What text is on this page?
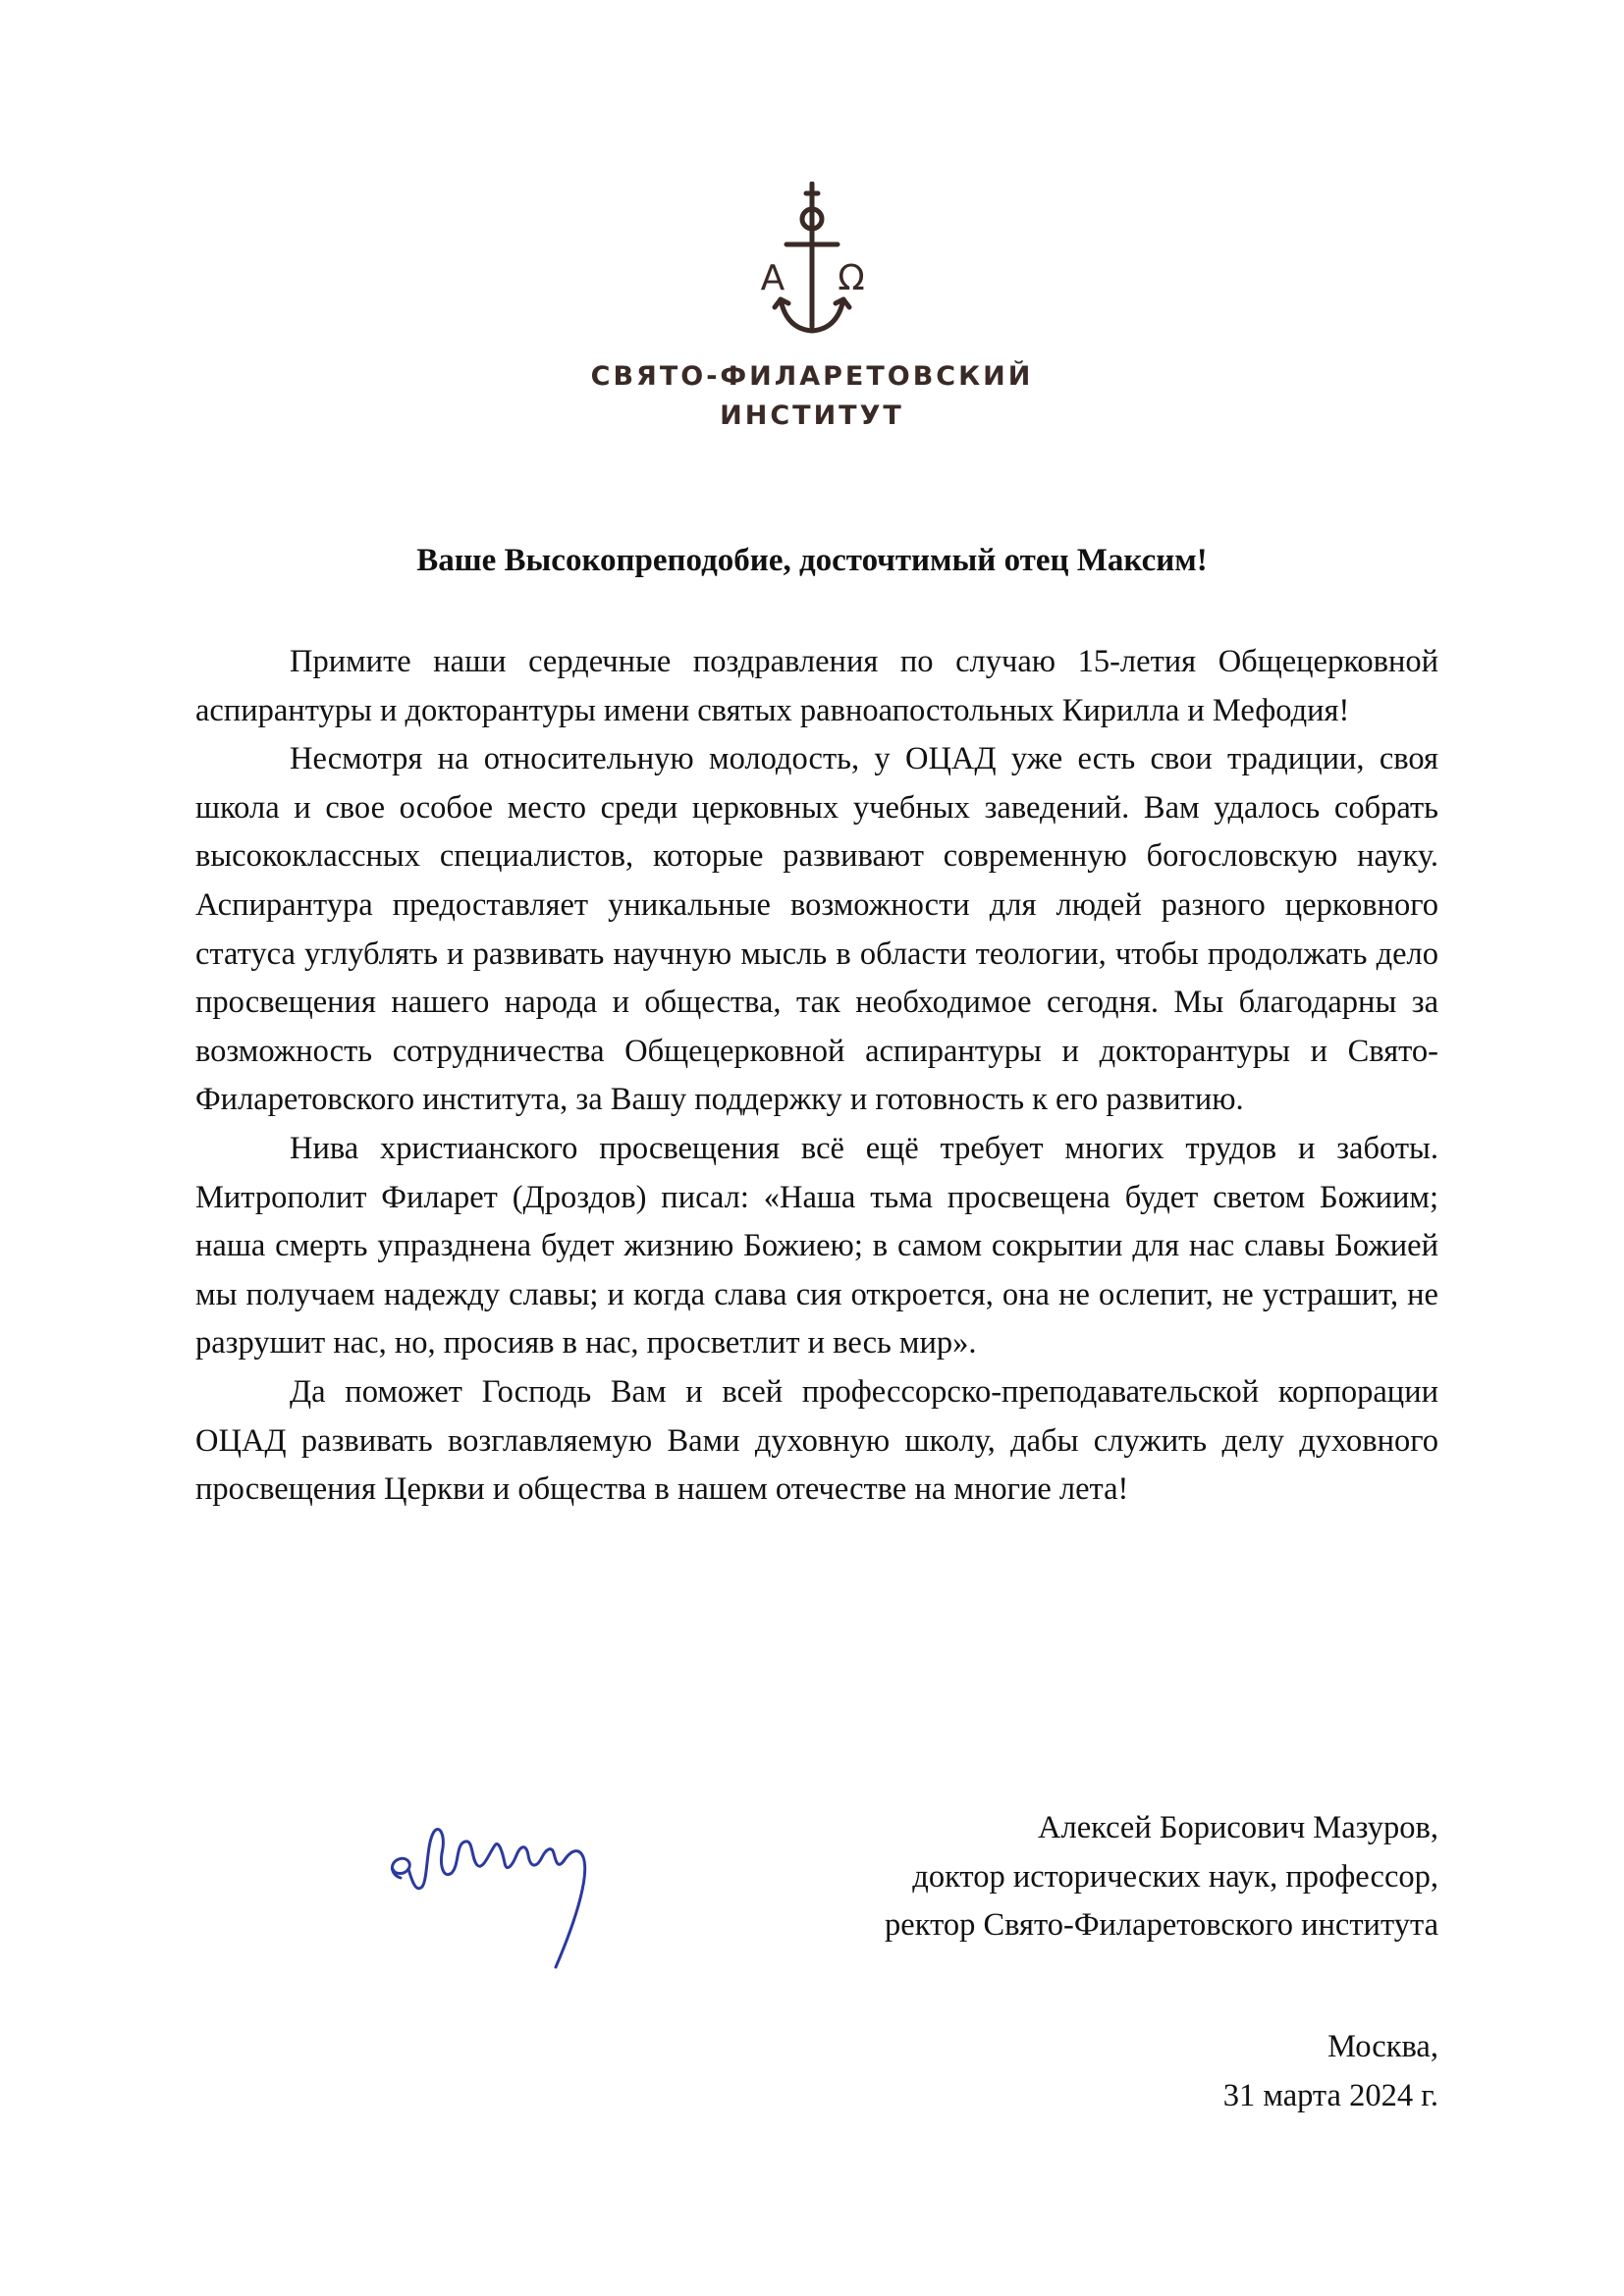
A Ω
СВЯТО-ФИЛАРЕТОВСКИЙ
ИНСТИТУТ
Ваше Высокопреподобие, досточтимый отец Максим!

Примите наши сердечные поздравления по случаю 15-летия Общецерковной аспирантуры и докторантуры имени святых равноапостольных Кирилла и Мефодия!

Несмотря на относительную молодость, у ОЦАД уже есть свои традиции, своя школа и свое особое место среди церковных учебных заведений. Вам удалось собрать высококлассных специалистов, которые развивают современную богословскую науку. Аспирантура предоставляет уникальные возможности для людей разного церковного статуса углублять и развивать научную мысль в области теологии, чтобы продолжать дело просвещения нашего народа и общества, так необходимое сегодня. Мы благодарны за возможность сотрудничества Общецерковной аспирантуры и докторантуры и Свято-Филаретовского института, за Вашу поддержку и готовность к его развитию.

Нива христианского просвещения всё ещё требует многих трудов и заботы. Митрополит Филарет (Дроздов) писал: «Наша тьма просвещена будет светом Божиим; наша смерть упразднена будет жизнию Божиею; в самом сокрытии для нас славы Божией мы получаем надежду славы; и когда слава сия откроется, она не ослепит, не устрашит, не разрушит нас, но, просияв в нас, просветлит и весь мир».

Да поможет Господь Вам и всей профессорско-преподавательской корпорации ОЦАД развивать возглавляемую Вами духовную школу, дабы служить делу духовного просвещения Церкви и общества в нашем отечестве на многие лета!

Алексей Борисович Мазуров,
доктор исторических наук, профессор,
ректор Свято-Филаретовского института
Москва,
31 марта 2024 г.
